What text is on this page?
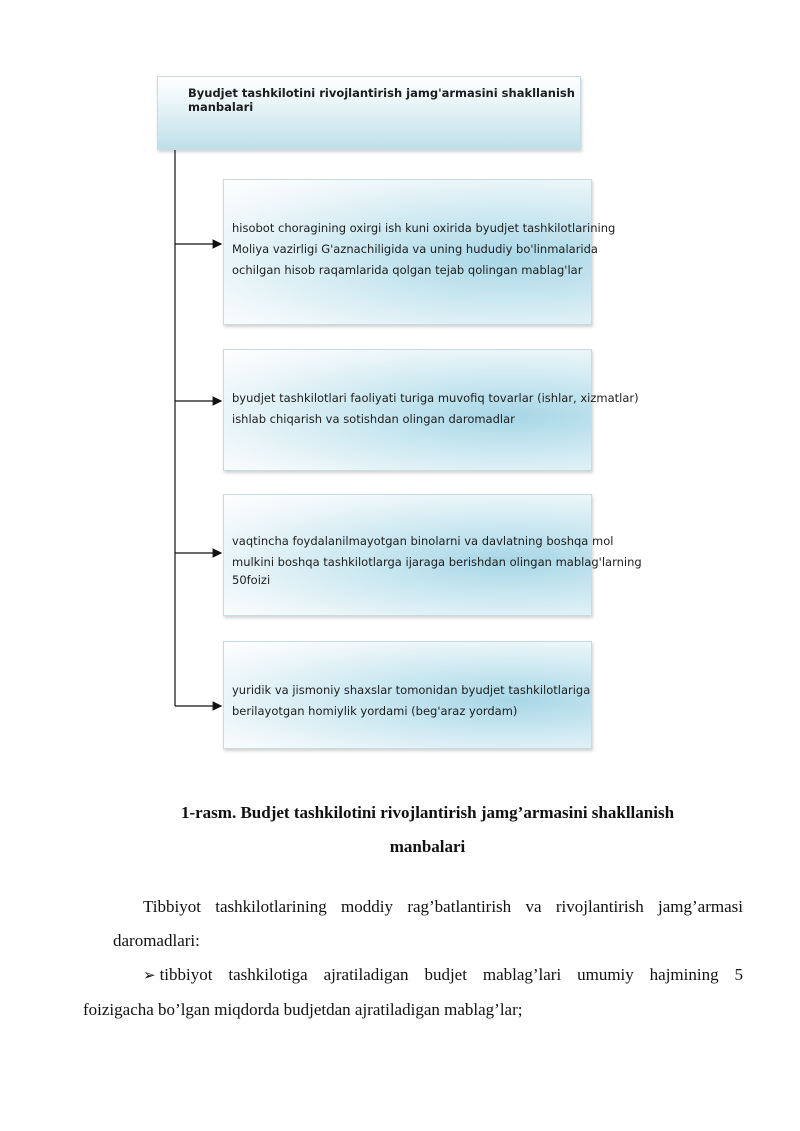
Byudjet tashkilotini rivojlantirish jamg'armasini shakllanish manbalari

hisobot choragining oxirgi ish kuni oxirida byudjet tashkilotlarining

Moliya vazirligi G'aznachiligida va uning hududiy bo'linmalarida

ochilgan hisob raqamlarida qolgan tejab qolingan mablag'lar

byudjet tashkilotlari faoliyati turiga muvofiq tovarlar (ishlar, xizmatlar)

ishlab chiqarish va sotishdan olingan daromadlar

vaqtincha foydalanilmayotgan binolarni va davlatning boshqa mol

mulkini boshqa tashkilotlarga ijaraga berishdan olingan mablag'larning

50foizi

yuridik va jismoniy shaxslar tomonidan byudjet tashkilotlariga

berilayotgan homiylik yordami (beg'araz yordam)

1-rasm. Budjet tashkilotini rivojlantirish jamg’armasini shakllanish
manbalari
Tibbiyot tashkilotlarining moddiy rag’batlantirish va rivojlantirish jamg’armasi daromadlari:
➢ tibbiyot tashkilotiga ajratiladigan budjet mablag’lari umumiy hajmining 5
foizigacha bo’lgan miqdorda budjetdan ajratiladigan mablag’lar;
